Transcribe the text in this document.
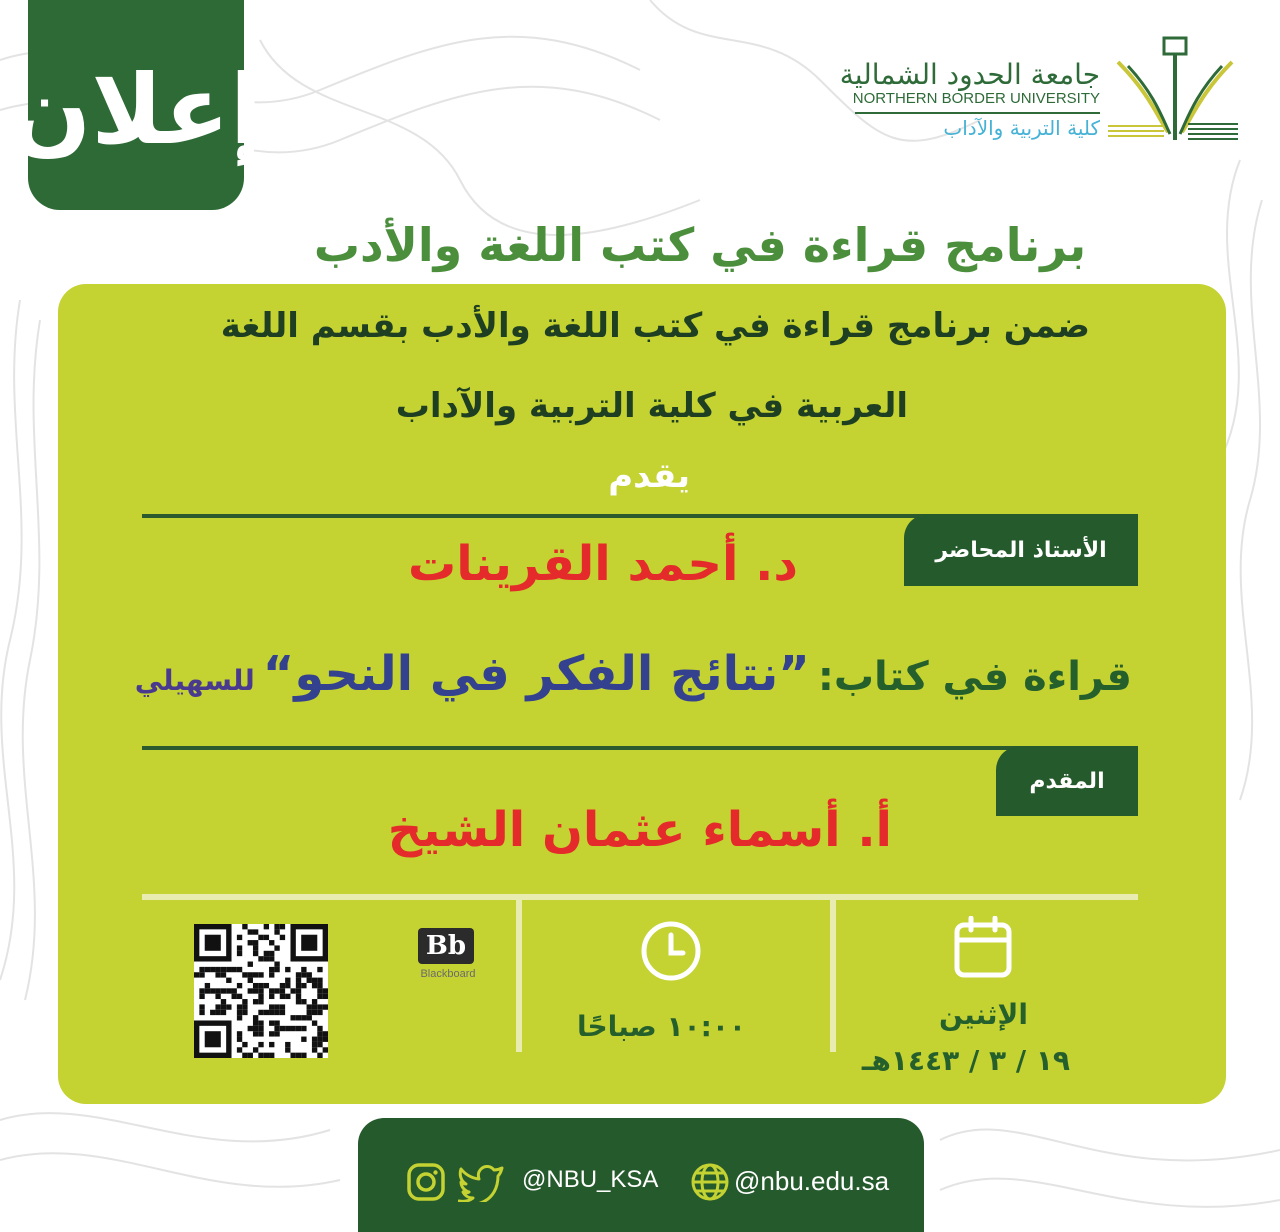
إعلان	جامعة الحدود الشمالية
NORTHERN BORDER UNIVERSITY
كلية التربية والآداب
برنامج قراءة في كتب اللغة والأدب
ضمن برنامج قراءة في كتب اللغة والأدب بقسم اللغة
العربية في كلية التربية والآداب
يقدم
الأستاذ المحاضر
د. أحمد القرينات
قراءة في كتاب:
”نتائج الفكر في النحو“
للسهيلي
المقدم
أ. أسماء عثمان الشيخ
الإثنين
١٩ / ٣ / ١٤٤٣هـ
١٠:٠٠ صباحًا
Bb
Blackboard
@NBU_KSA	@nbu.edu.sa
